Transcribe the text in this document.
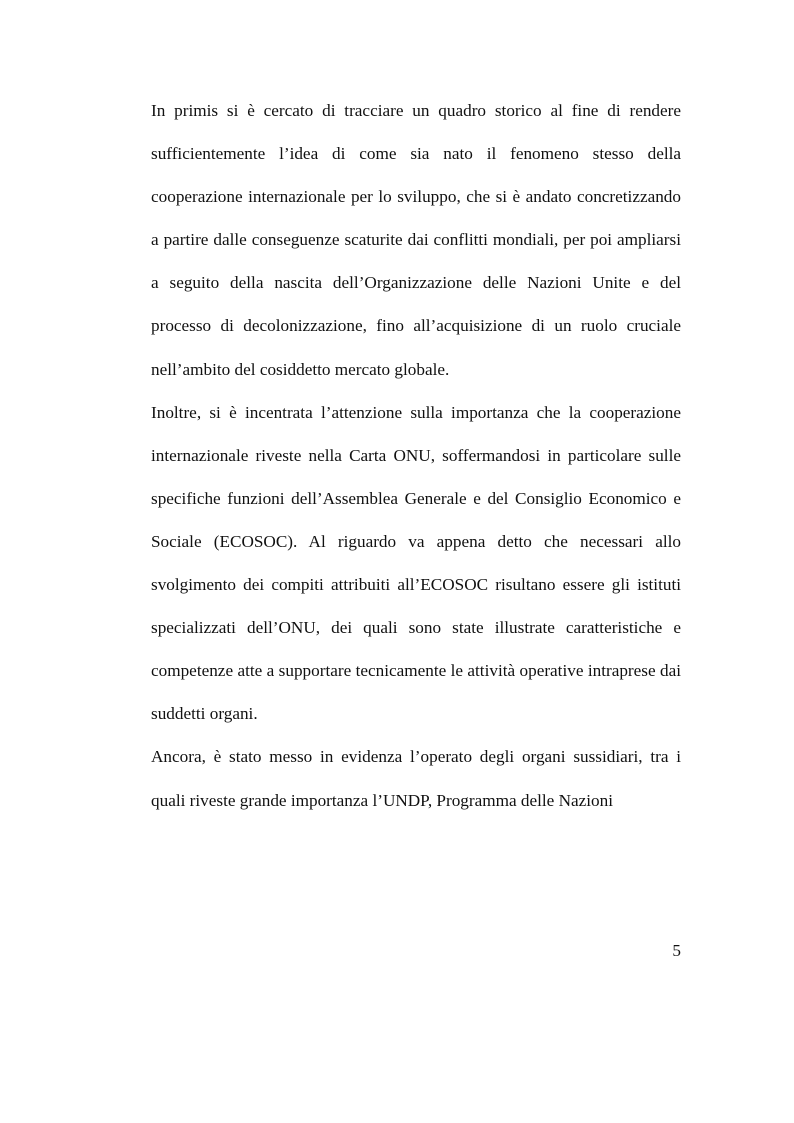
In primis si è cercato di tracciare un quadro storico al fine di rendere sufficientemente l’idea di come sia nato il fenomeno stesso della cooperazione internazionale per lo sviluppo, che si è andato concretizzando a partire dalle conseguenze scaturite dai conflitti mondiali, per poi ampliarsi a seguito della nascita dell’Organizzazione delle Nazioni Unite e del processo di decolonizzazione, fino all’acquisizione di un ruolo cruciale nell’ambito del cosiddetto mercato globale.

Inoltre, si è incentrata l’attenzione sulla importanza che la cooperazione internazionale riveste nella Carta ONU, soffermandosi in particolare sulle specifiche funzioni dell’Assemblea Generale e del Consiglio Economico e Sociale (ECOSOC). Al riguardo va appena detto che necessari allo svolgimento dei compiti attribuiti all’ECOSOC risultano essere gli istituti specializzati dell’ONU, dei quali sono state illustrate caratteristiche e competenze atte a supportare tecnicamente le attività operative intraprese dai suddetti organi.

Ancora, è stato messo in evidenza l’operato degli organi sussidiari, tra i quali riveste grande importanza l’UNDP, Programma delle Nazioni

5
